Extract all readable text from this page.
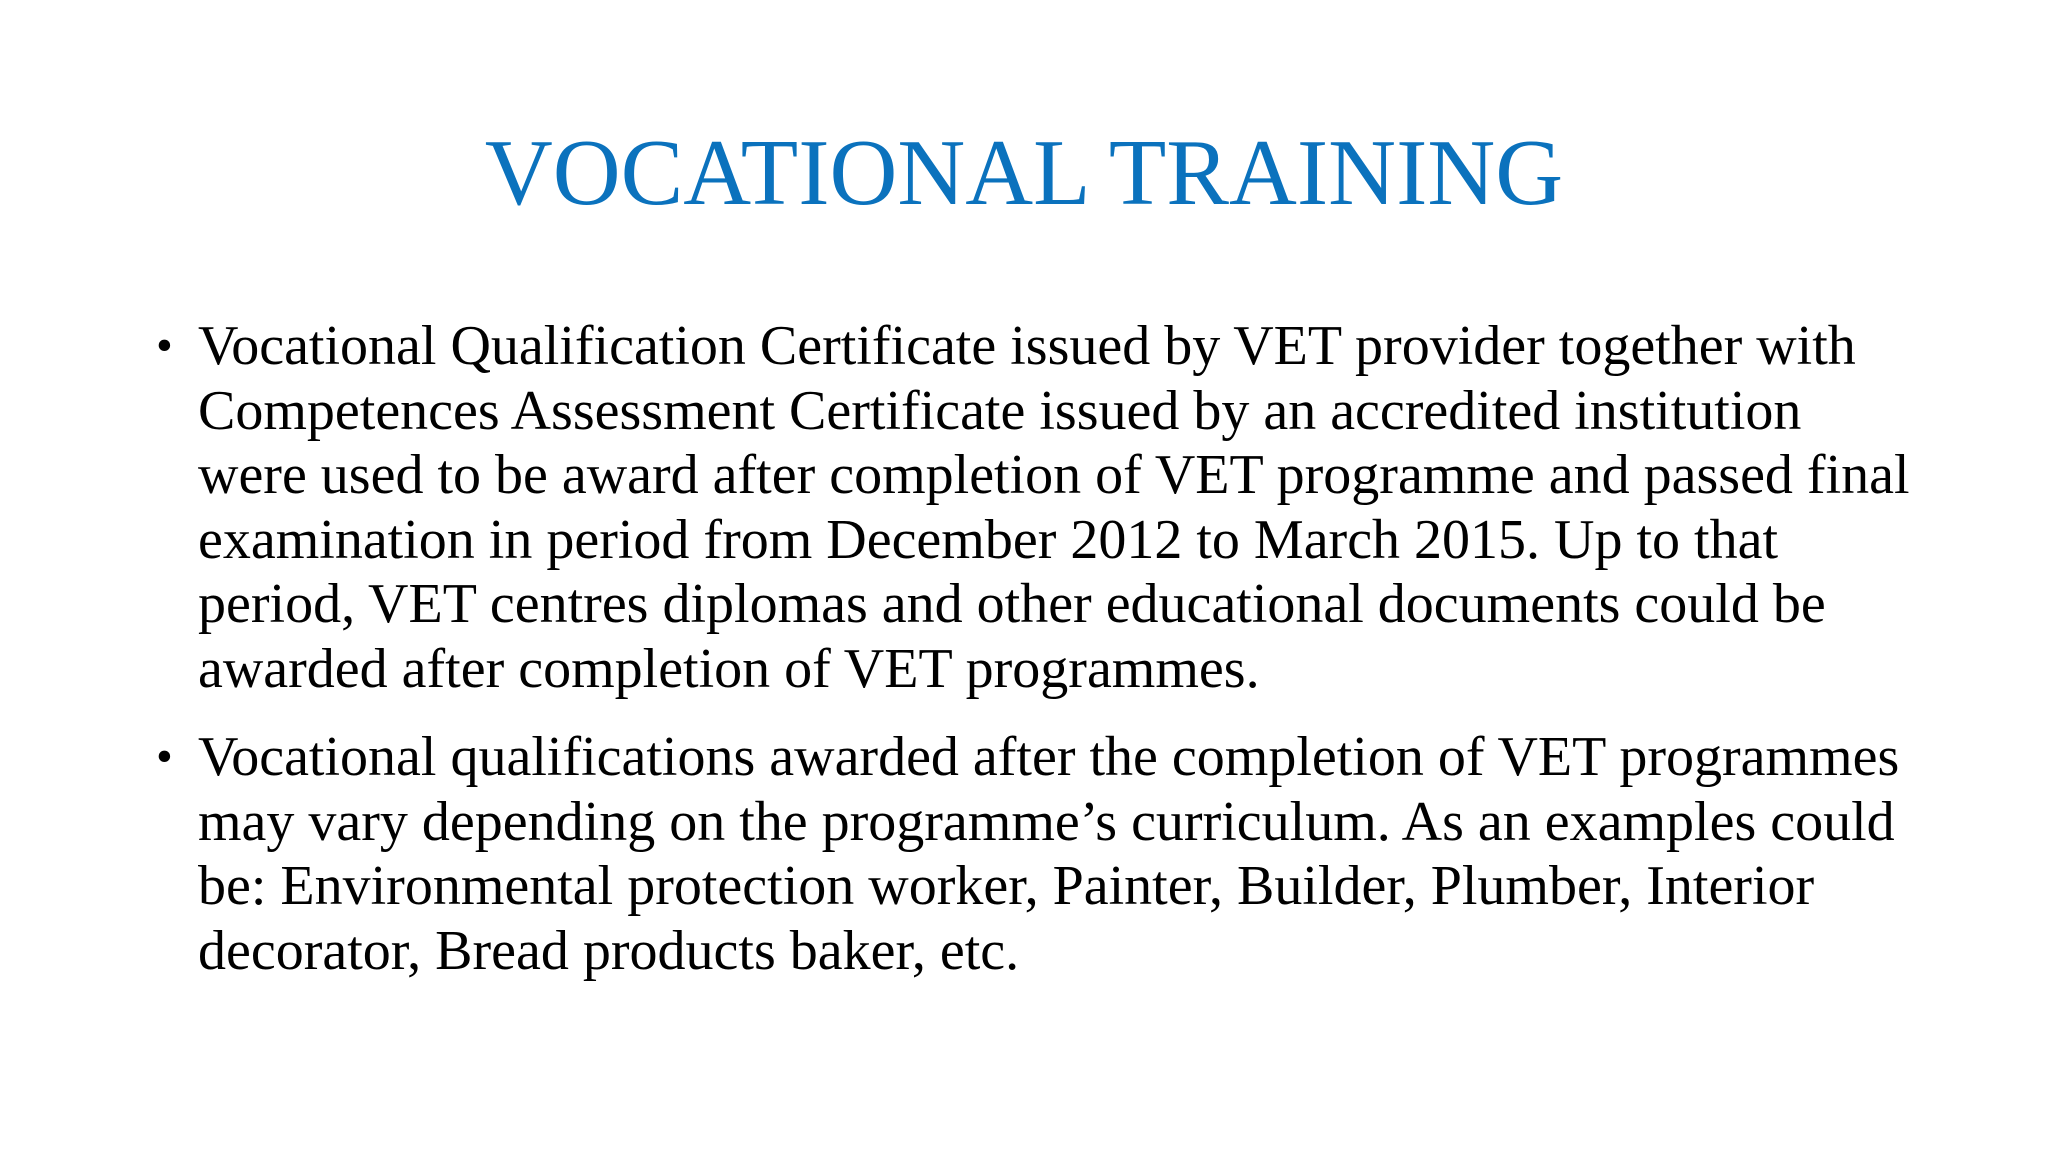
VOCATIONAL TRAINING
• Vocational Qualification Certificate issued by VET provider together with Competences Assessment Certificate issued by an accredited institution were used to be award after completion of VET programme and passed final examination in period from December 2012 to March 2015. Up to that period, VET centres diplomas and other educational documents could be awarded after completion of VET programmes.
• Vocational qualifications awarded after the completion of VET programmes may vary depending on the programme’s curriculum. As an examples could be: Environmental protection worker, Painter, Builder, Plumber, Interior decorator, Bread products baker, etc.
